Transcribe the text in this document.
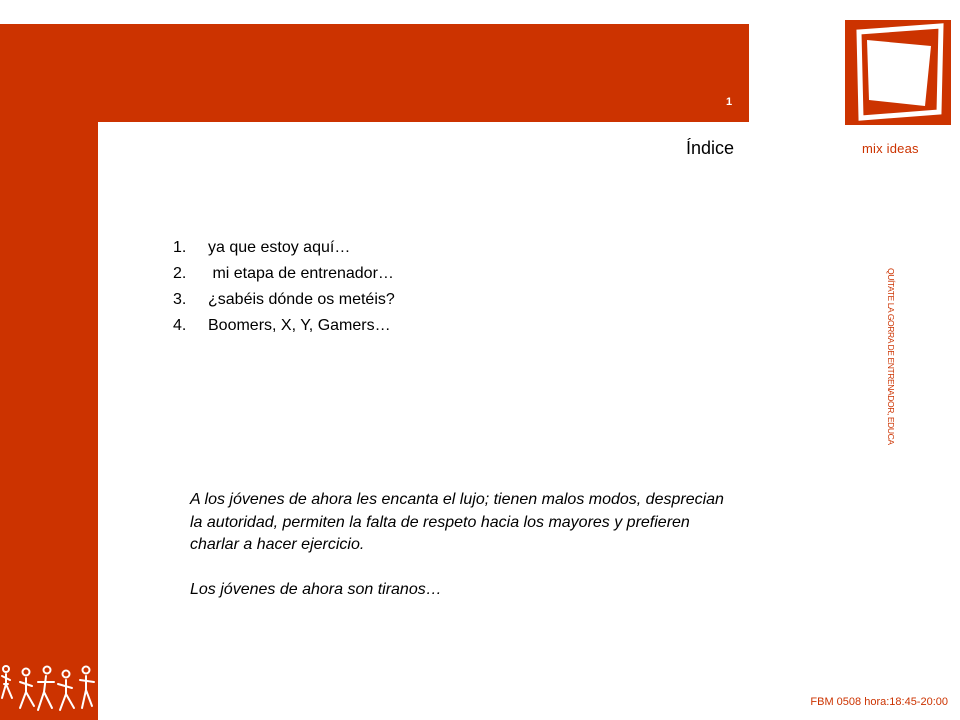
1
Índice	mix ideas
QUÍTATE LA GORRA DE ENTRENADOR, EDUCA
1. ya que estoy aquí…
2. mi etapa de entrenador…
3. ¿sabéis dónde os metéis?
4. Boomers, X, Y, Gamers…

A los jóvenes de ahora les encanta el lujo; tienen malos modos, desprecian la autoridad, permiten la falta de respeto hacia los mayores y prefieren charlar a hacer ejercicio.

Los jóvenes de ahora son tiranos…

FBM 0508 hora:18:45-20:00
